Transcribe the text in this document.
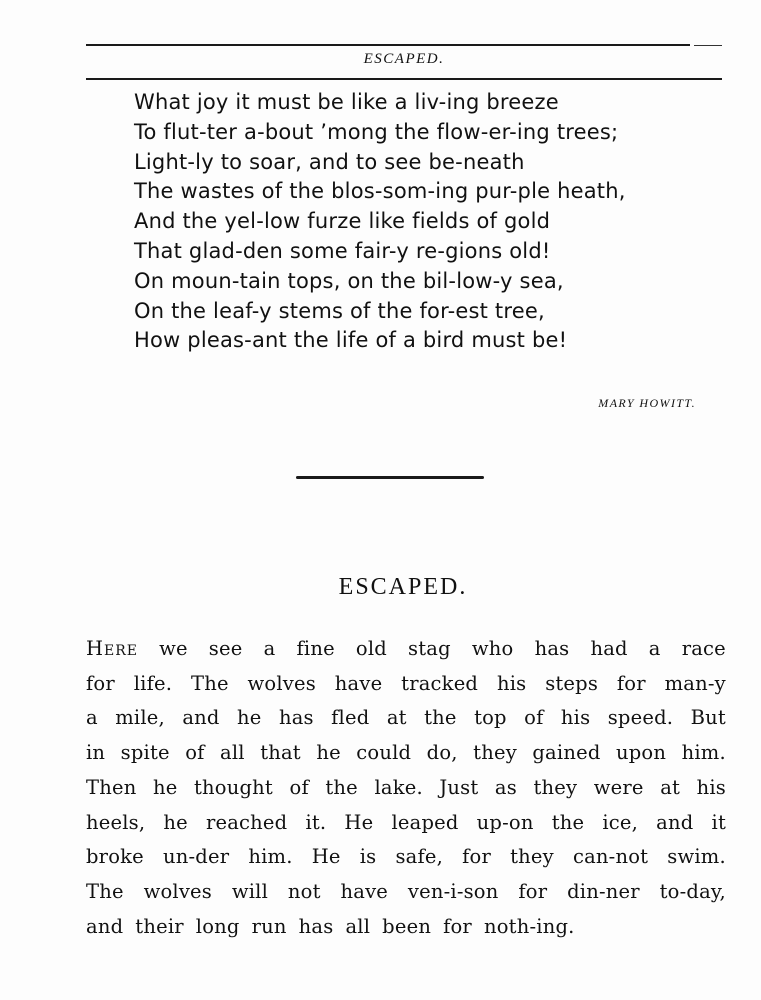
ESCAPED.
What joy it must be like a liv-ing breeze
To flut-ter a-bout ’mong the flow-er-ing trees;
Light-ly to soar, and to see be-neath
The wastes of the blos-som-ing pur-ple heath,
And the yel-low furze like fields of gold
That glad-den some fair-y re-gions old!
On moun-tain tops, on the bil-low-y sea,
On the leaf-y stems of the for-est tree,
How pleas-ant the life of a bird must be!
MARY HOWITT.
ESCAPED.
Here we see a fine old stag who has had a race
for life. The wolves have tracked his steps for man-y
a mile, and he has fled at the top of his speed. But
in spite of all that he could do, they gained upon him.
Then he thought of the lake. Just as they were at his
heels, he reached it. He leaped up-on the ice, and it
broke un-der him. He is safe, for they can-not swim.
The wolves will not have ven-i-son for din-ner to-day,
and their long run has all been for noth-ing.
